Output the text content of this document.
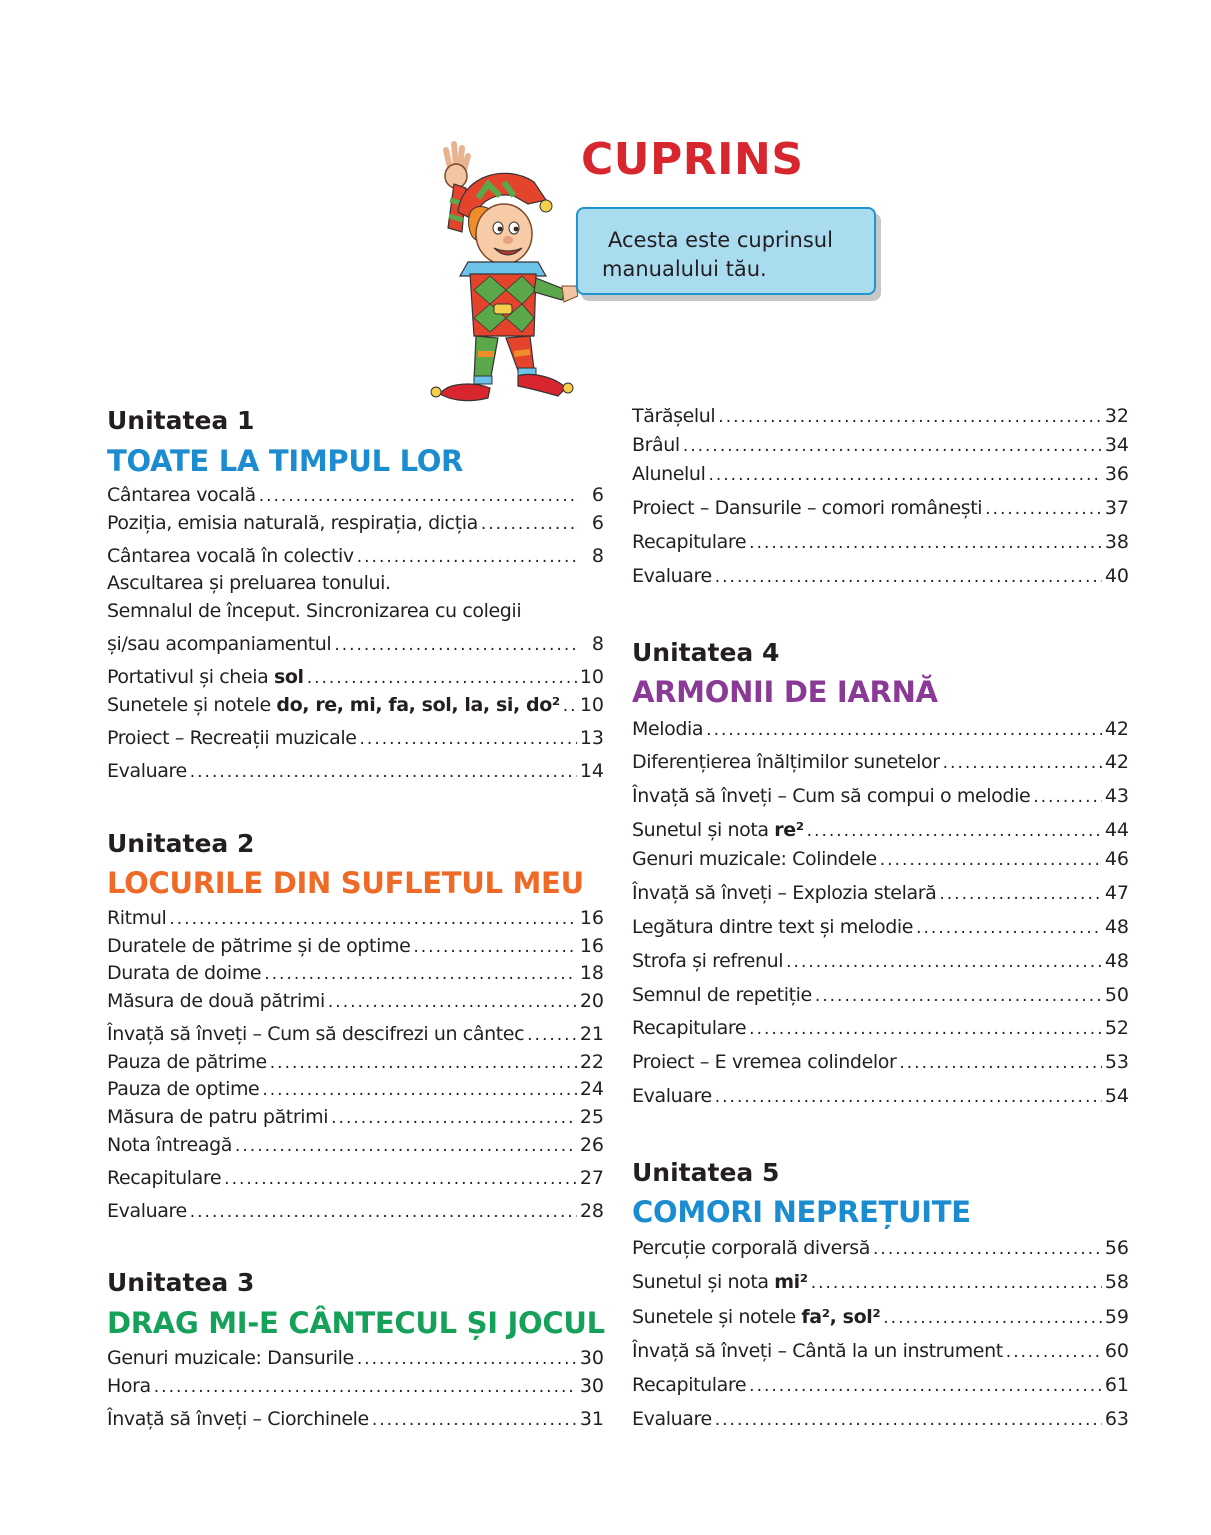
CUPRINS
Acesta este cuprinsul
manualului tău.
Unitatea 1
TOATE LA TIMPUL LOR
Cântarea vocală .....	6
Poziția, emisia naturală, respirația, dicția .....	6
Cântarea vocală în colectiv .....	8
Ascultarea și preluarea tonului.
Semnalul de început. Sincronizarea cu colegii
și/sau acompaniamentul .....	8
Portativul și cheia sol .....	10
Sunetele și notele do, re, mi, fa, sol, la, si, do² ..... 10
Proiect – Recreații muzicale .....	13
Evaluare .....	14
Unitatea 2
LOCURILE DIN SUFLETUL MEU
Ritmul .....	16
Duratele de pătrime și de optime .....	16
Durata de doime .....	18
Măsura de două pătrimi .....	20
Învață să înveți – Cum să descifrezi un cântec .....	21
Pauza de pătrime .....	22
Pauza de optime .....	24
Măsura de patru pătrimi .....	25
Nota întreagă .....	26
Recapitulare .....	27
Evaluare .....	28
Unitatea 3
DRAG MI-E CÂNTECUL ȘI JOCUL
Genuri muzicale: Dansurile .....	30
Hora .....	30
Învață să înveți – Ciorchinele .....	31
Tărășelul .....	32
Brâul .....	34
Alunelul .....	36
Proiect – Dansurile – comori românești .....	37
Recapitulare .....	38
Evaluare .....	40
Unitatea 4
ARMONII DE IARNĂ
Melodia .....	42
Diferențierea înălțimilor sunetelor .....	42
Învață să înveți – Cum să compui o melodie .....	43
Sunetul și nota re² .....	44
Genuri muzicale: Colindele .....	46
Învață să înveți – Explozia stelară .....	47
Legătura dintre text și melodie .....	48
Strofa și refrenul .....	48
Semnul de repetiție .....	50
Recapitulare .....	52
Proiect – E vremea colindelor .....	53
Evaluare .....	54
Unitatea 5
COMORI NEPREȚUITE
Percuție corporală diversă .....	56
Sunetul și nota mi² .....	58
Sunetele și notele fa², sol² .....	59
Învață să înveți – Cântă la un instrument .....	60
Recapitulare .....	61
Evaluare .....	63
